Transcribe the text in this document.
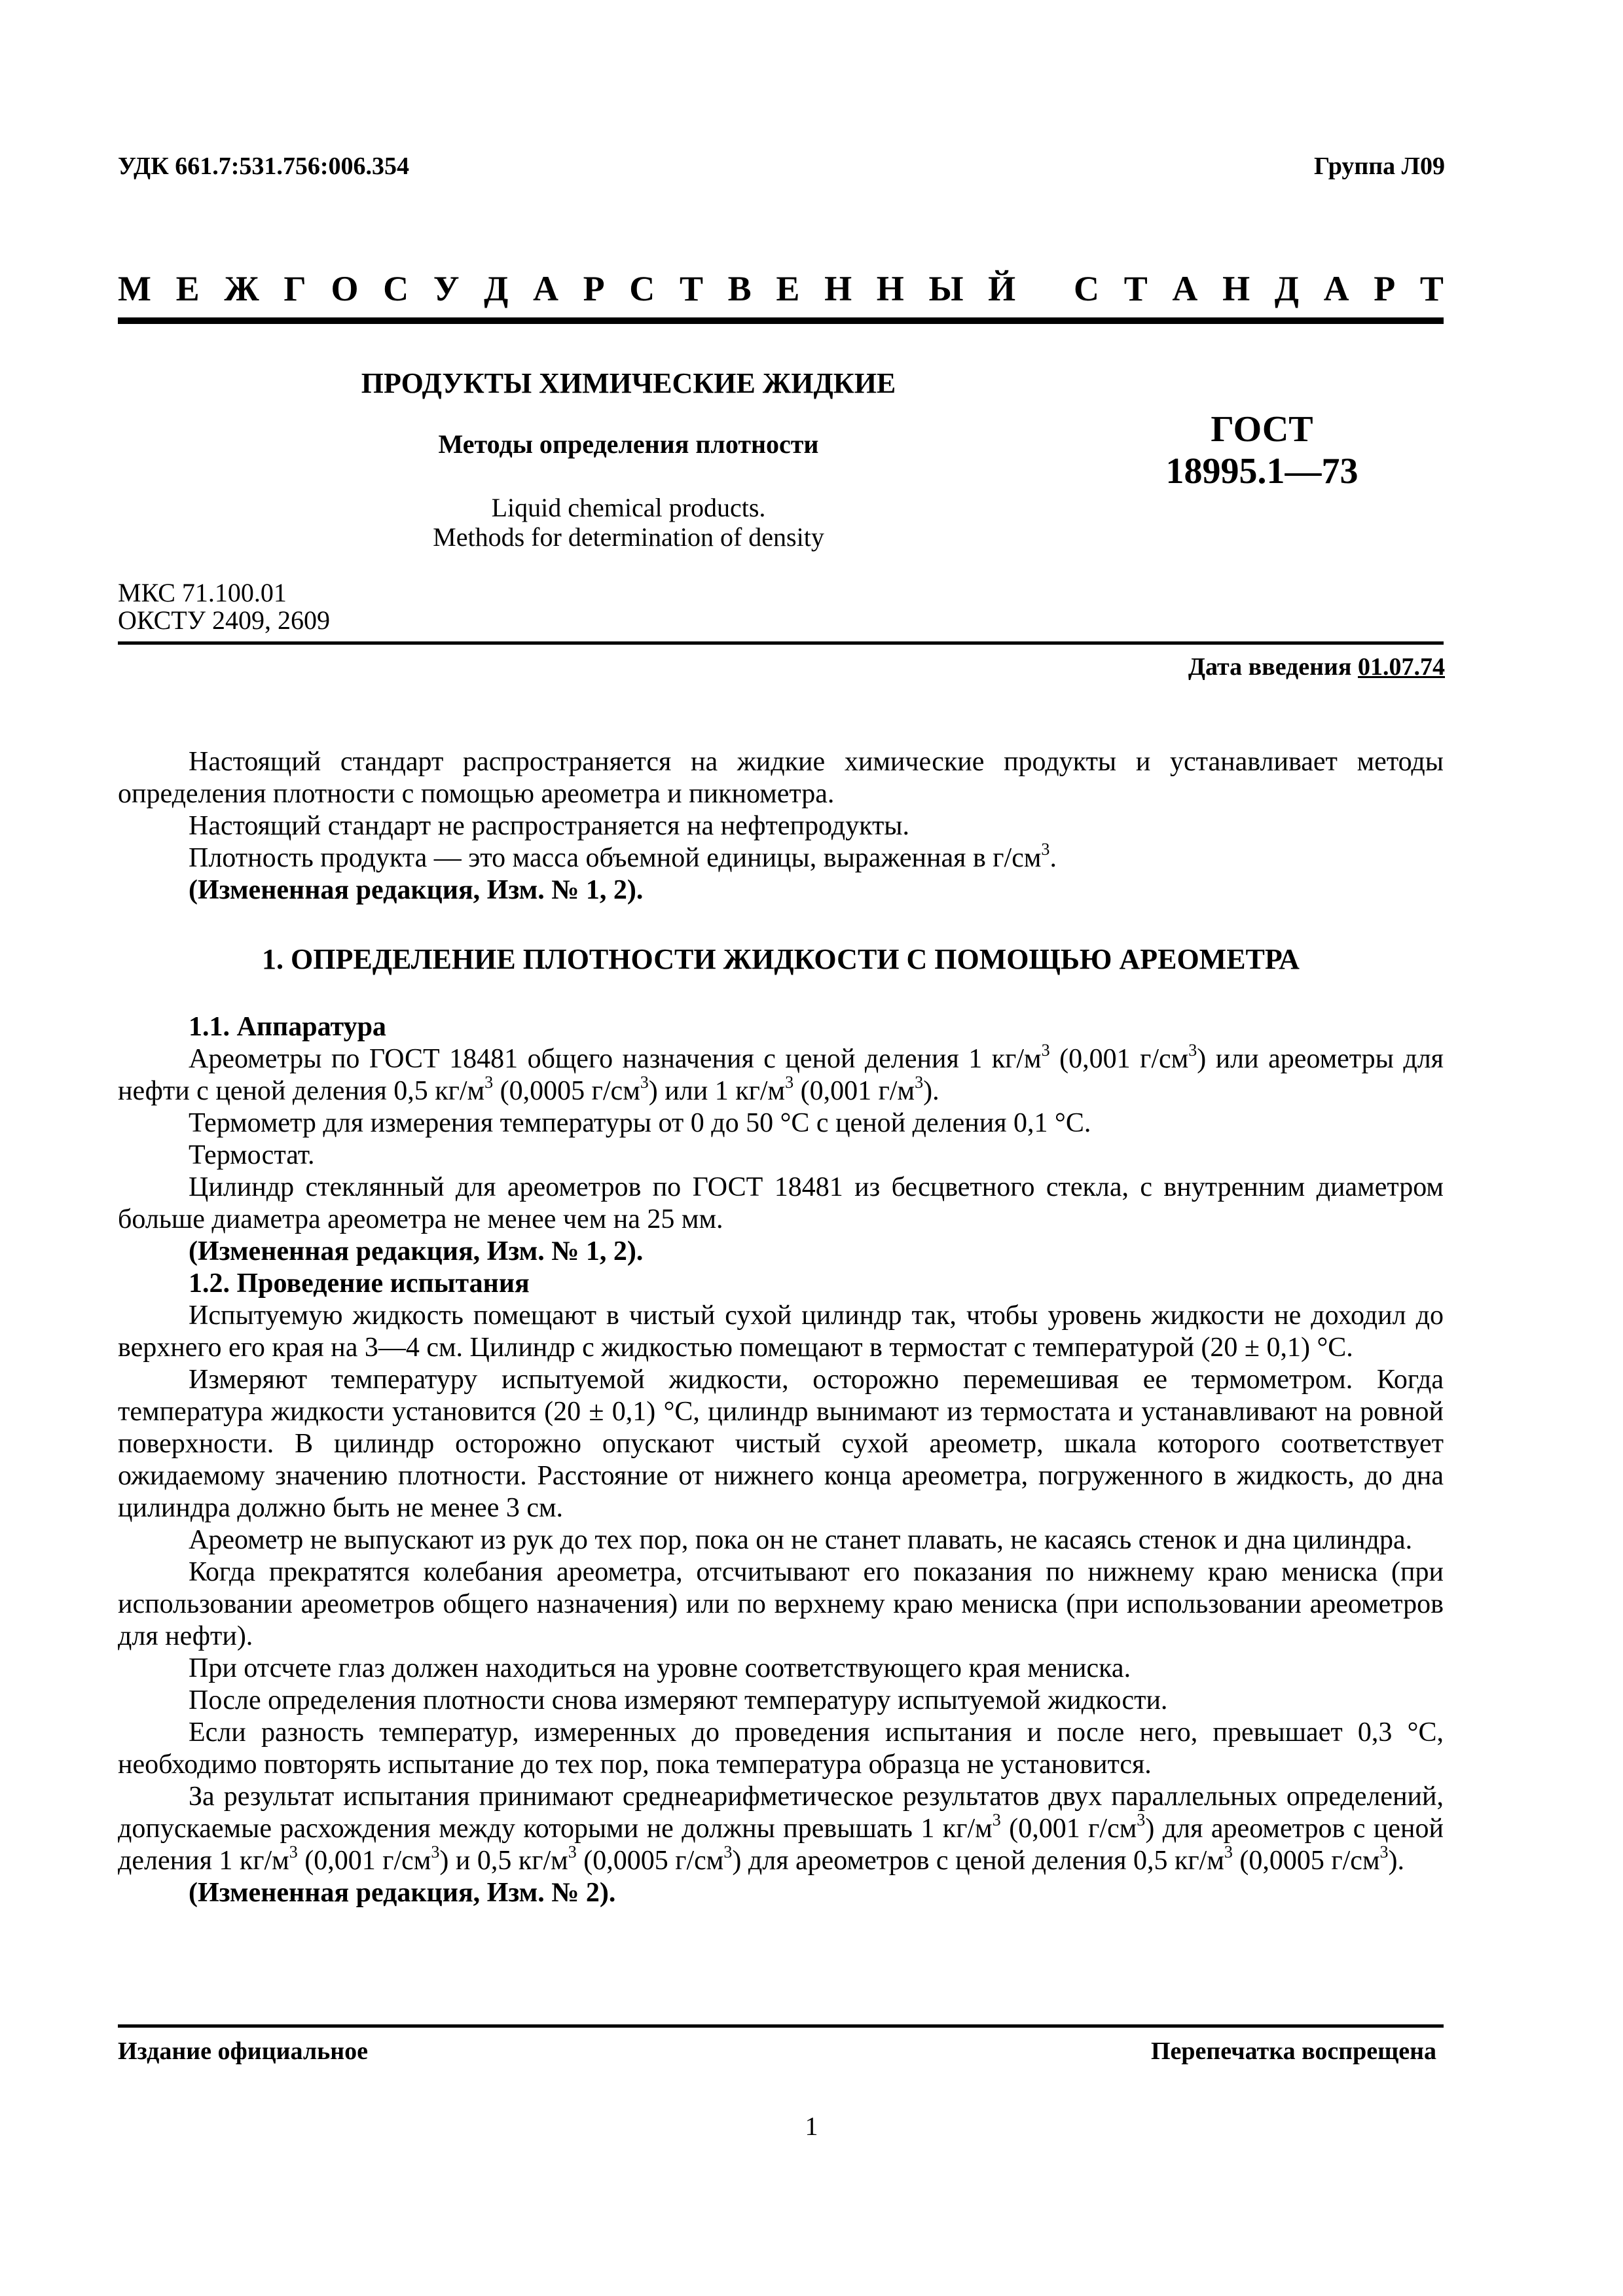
УДК 661.7:531.756:006.354	Группа Л09
М Е Ж Г О С У Д А Р С Т В Е Н Н Ы Й
С Т А Н Д А Р Т
ПРОДУКТЫ ХИМИЧЕСКИЕ ЖИДКИЕ
Методы определения плотности
Liquid chemical products.
Methods for determination of density
ГОСТ
18995.1—73
МКС 71.100.01
ОКСТУ 2409, 2609
Дата введения 01.07.74

Настоящий стандарт распространяется на жидкие химические продукты и устанавливает методы определения плотности с помощью ареометра и пикнометра.

Настоящий стандарт не распространяется на нефтепродукты.

Плотность продукта — это масса объемной единицы, выраженная в $г/см^3$.

(Измененная редакция, Изм. № 1, 2).

1. ОПРЕДЕЛЕНИЕ ПЛОТНОСТИ ЖИДКОСТИ С ПОМОЩЬЮ АРЕОМЕТРА

1.1. Аппаратура

Ареометры по ГОСТ 18481 общего назначения с ценой деления 1 $кг/м^3$ (0,001 $г/см^3$) или ареометры для нефти с ценой деления 0,5 $кг/м^3$ (0,0005 $г/см^3$) или 1 $кг/м^3$ (0,001 $г/м^3$).

Термометр для измерения температуры от 0 до 50 °С с ценой деления 0,1 °С.

Термостат.

Цилиндр стеклянный для ареометров по ГОСТ 18481 из бесцветного стекла, с внутренним диаметром больше диаметра ареометра не менее чем на 25 мм.

(Измененная редакция, Изм. № 1, 2).

1.2. Проведение испытания

Испытуемую жидкость помещают в чистый сухой цилиндр так, чтобы уровень жидкости не доходил до верхнего его края на 3—4 см. Цилиндр с жидкостью помещают в термостат с температурой (20 ± 0,1) °С.

Измеряют температуру испытуемой жидкости, осторожно перемешивая ее термометром. Когда температура жидкости установится (20 ± 0,1) °С, цилиндр вынимают из термостата и устанавливают на ровной поверхности. В цилиндр осторожно опускают чистый сухой ареометр, шкала которого соответствует ожидаемому значению плотности. Расстояние от нижнего конца ареометра, погруженного в жидкость, до дна цилиндра должно быть не менее 3 см.

Ареометр не выпускают из рук до тех пор, пока он не станет плавать, не касаясь стенок и дна цилиндра.

Когда прекратятся колебания ареометра, отсчитывают его показания по нижнему краю мениска (при использовании ареометров общего назначения) или по верхнему краю мениска (при использовании ареометров для нефти).

При отсчете глаз должен находиться на уровне соответствующего края мениска.

После определения плотности снова измеряют температуру испытуемой жидкости.

Если разность температур, измеренных до проведения испытания и после него, превышает 0,3 °С, необходимо повторять испытание до тех пор, пока температура образца не установится.

За результат испытания принимают среднеарифметическое результатов двух параллельных определений, допускаемые расхождения между которыми не должны превышать 1 $кг/м^3$ (0,001 $г/см^3$) для ареометров с ценой деления 1 $кг/м^3$ (0,001 $г/см^3$) и 0,5 $кг/м^3$ (0,0005 $г/см^3$) для ареометров с ценой деления 0,5 $кг/м^3$ (0,0005 $г/см^3$).

(Измененная редакция, Изм. № 2).

Издание официальное	Перепечатка воспрещена
1
